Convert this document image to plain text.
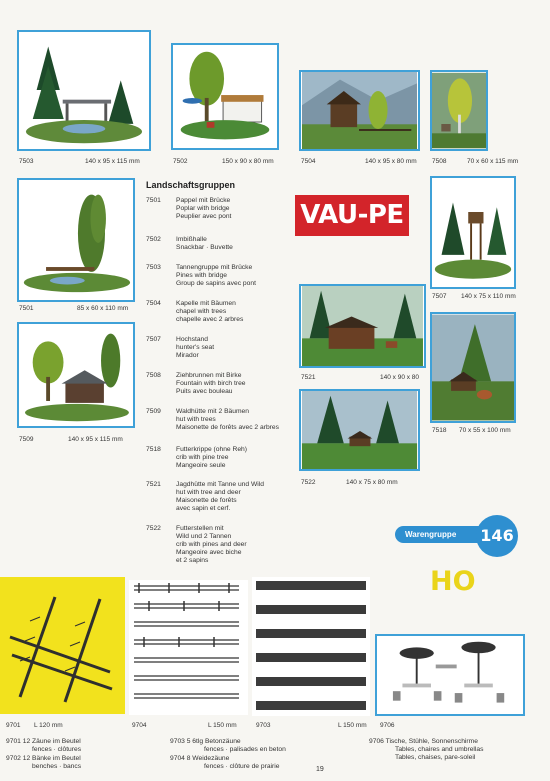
7503	140 x 95 x 115 mm	7502	150 x 90 x 80 mm	7504	140 x 95 x 80 mm 7508	70 x 60 x 115 mm
7501	85 x 60 x 110 mm
7509	140 x 95 x 115 mm
Landschaftsgruppen
7501	Pappel mit Brücke
Poplar with bridge
Peuplier avec pont
7502	Imbißhalle
Snackbar · Buvette
7503	Tannengruppe mit Brücke
Pines with bridge
Group de sapins avec pont
7504	Kapelle mit Bäumen
chapel with trees
chapelle avec 2 arbres
7507	Hochstand
hunter's seat
Mirador
7508	Ziehbrunnen mit Birke
Fountain with birch tree
Puits avec bouleau
7509	Waldhütte mit 2 Bäumen
hut with trees
Maisonette de forêts avec 2 arbres
7518	Futterkrippe (ohne Reh)
crib with pine tree
Mangeoire seule
7521	Jagdhütte mit Tanne und Wild
hut with tree and deer
Maisonette de forêts
avec sapin et cerf.
7522	Futterstellen mit
Wild und 2 Tannen
crib with pines and deer
Mangeoire avec biche
et 2 sapins
VAU-PE
7521	140 x 90 x 80
7522	140 x 75 x 80 mm
7507 140 x 75 x 110 mm
7518 70 x 55 x 100 mm
Warengruppe	146
HO
9701 L 120 mm	9704	L 150 mm	9703	L 150 mm 9706
9701 12 Zäune im Beutel
fences · clôtures
9702 12 Bänke im Beutel
benches · bancs
9703 5 6tlg Betonzäune
fences · palisades en beton
9704 8 Weidezäune
fences · clôture de prairie
9706 Tische, Stühle, Sonnenschirme
Tables, chaires and umbrellas
Tables, chaises, pare-soleil
19
